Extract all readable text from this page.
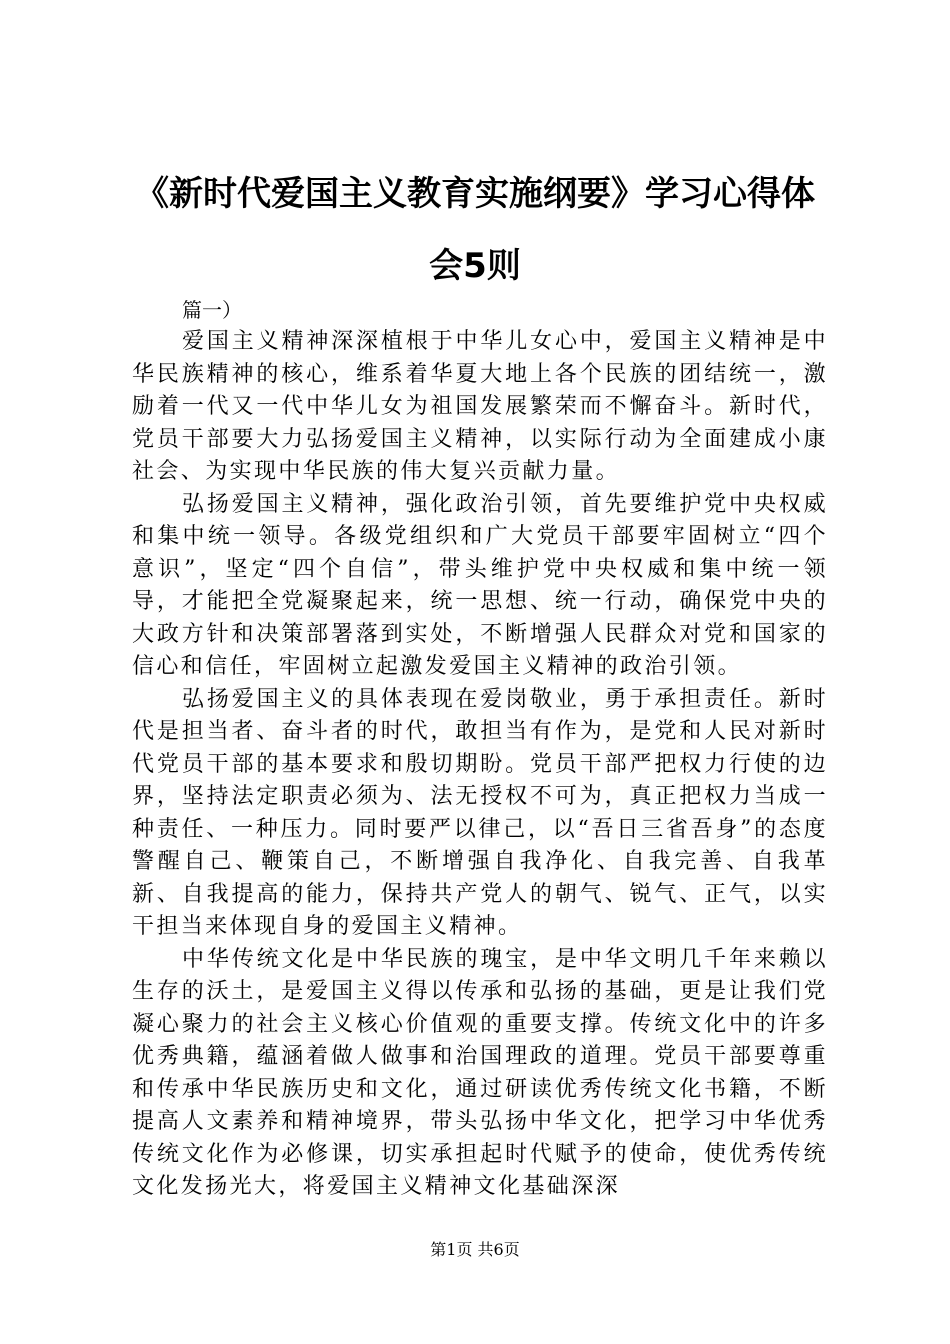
《新时代爱国主义教育实施纲要》学习心得体会5则

篇一）

爱国主义精神深深植根于中华儿女心中，爱国主义精神是中华民族精神的核心，维系着华夏大地上各个民族的团结统一，激励着一代又一代中华儿女为祖国发展繁荣而不懈奋斗。新时代，党员干部要大力弘扬爱国主义精神，以实际行动为全面建成小康社会、为实现中华民族的伟大复兴贡献力量。

弘扬爱国主义精神，强化政治引领，首先要维护党中央权威和集中统一领导。各级党组织和广大党员干部要牢固树立“四个意识”，坚定“四个自信”，带头维护党中央权威和集中统一领导，才能把全党凝聚起来，统一思想、统一行动，确保党中央的大政方针和决策部署落到实处，不断增强人民群众对党和国家的信心和信任，牢固树立起激发爱国主义精神的政治引领。

弘扬爱国主义的具体表现在爱岗敬业，勇于承担责任。新时代是担当者、奋斗者的时代，敢担当有作为，是党和人民对新时代党员干部的基本要求和殷切期盼。党员干部严把权力行使的边界，坚持法定职责必须为、法无授权不可为，真正把权力当成一种责任、一种压力。同时要严以律己，以“吾日三省吾身”的态度警醒自己、鞭策自己，不断增强自我净化、自我完善、自我革新、自我提高的能力，保持共产党人的朝气、锐气、正气，以实干担当来体现自身的爱国主义精神。

中华传统文化是中华民族的瑰宝，是中华文明几千年来赖以生存的沃土，是爱国主义得以传承和弘扬的基础，更是让我们党凝心聚力的社会主义核心价值观的重要支撑。传统文化中的许多优秀典籍，蕴涵着做人做事和治国理政的道理。党员干部要尊重和传承中华民族历史和文化，通过研读优秀传统文化书籍，不断提高人文素养和精神境界，带头弘扬中华文化，把学习中华优秀传统文化作为必修课，切实承担起时代赋予的使命，使优秀传统文化发扬光大，将爱国主义精神文化基础深深

第1页 共6页
